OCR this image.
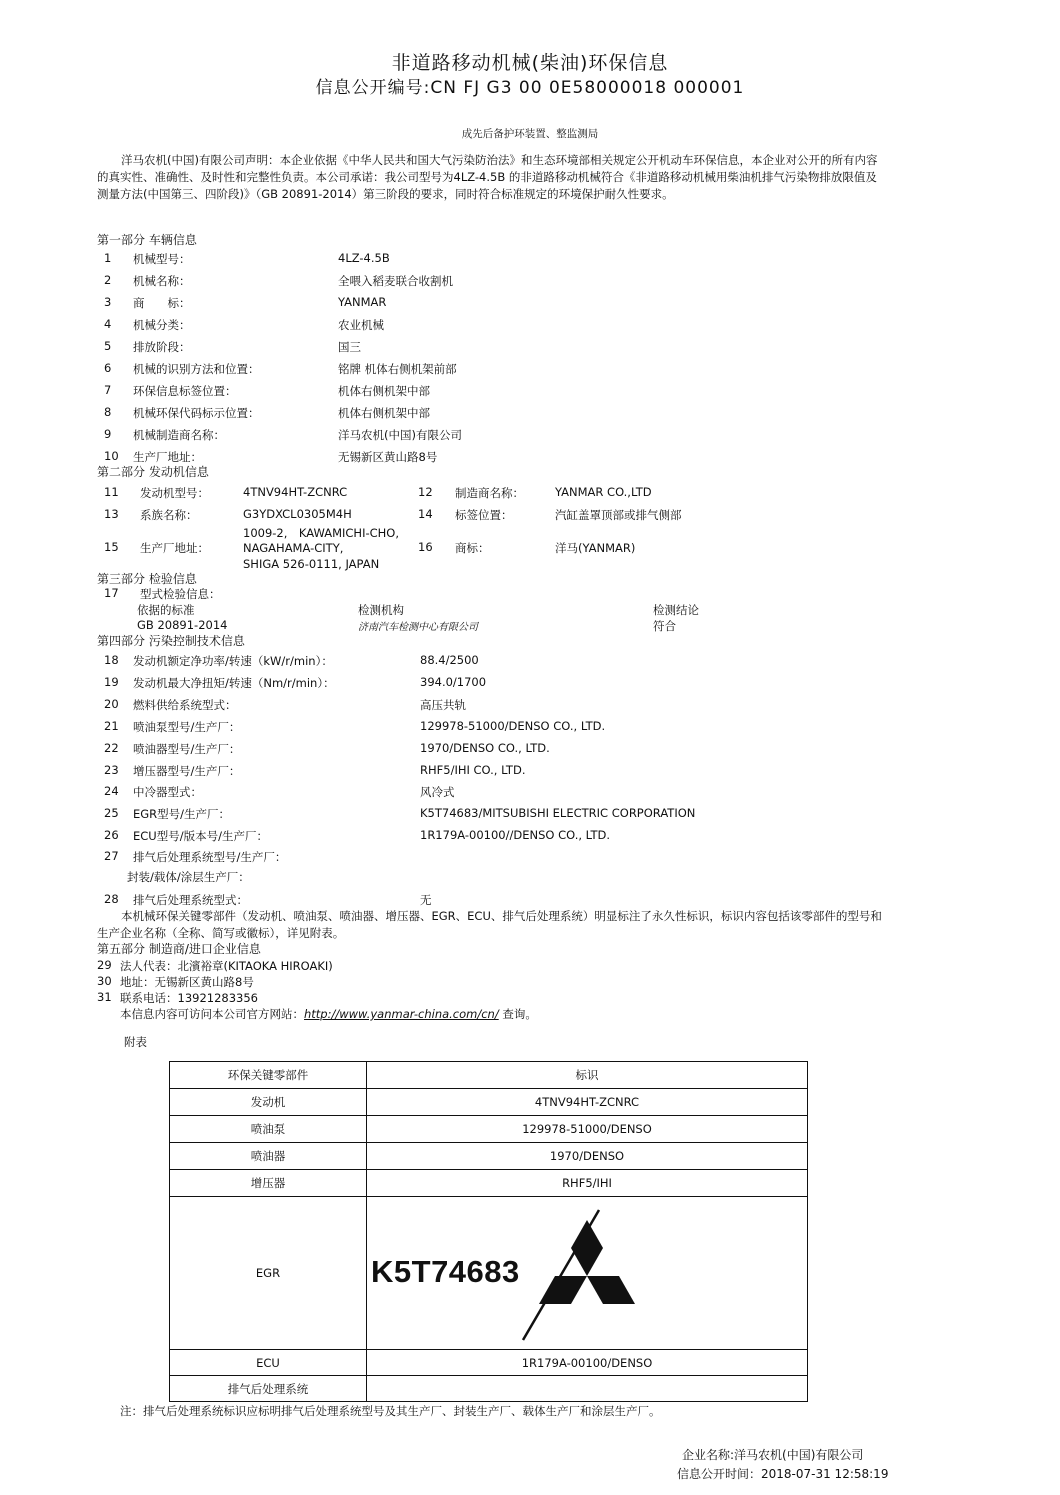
非道路移动机械(柴油)环保信息
信息公开编号:CN FJ G3 00 0E58000018 000001
成先后备护环装置、整监测局
洋马农机(中国)有限公司声明：本企业依据《中华人民共和国大气污染防治法》和生态环境部相关规定公开机动车环保信息，本企业对公开的所有内容的真实性、准确性、及时性和完整性负责。本公司承诺：我公司型号为4LZ-4.5B 的非道路移动机械符合《非道路移动机械用柴油机排气污染物排放限值及测量方法(中国第三、四阶段)》（GB 20891-2014）第三阶段的要求，同时符合标准规定的环境保护耐久性要求。
第一部分 车辆信息
1 机械型号：	4LZ-4.5B
2 机械名称：	全喂入稻麦联合收割机
3 商　　标：	YANMAR
4 机械分类：	农业机械
5 排放阶段：	国三
6 机械的识别方法和位置：	铭牌 机体右侧机架前部
7 环保信息标签位置：	机体右侧机架中部
8 机械环保代码标示位置：	机体右侧机架中部
9 机械制造商名称：	洋马农机(中国)有限公司
10 生产厂地址：	无锡新区黄山路8号
第二部分 发动机信息
11 发动机型号：	4TNV94HT-ZCNRC	12 制造商名称：	YANMAR CO.,LTD
13 系族名称：	G3YDXCL0305M4H	14 标签位置：	汽缸盖罩顶部或排气侧部
15 生产厂地址：
1009-2,　KAWAMICHI-CHO,
NAGAHAMA-CITY,
SHIGA 526-0111, JAPAN
16 商标：	洋马(YANMAR)
第三部分 检验信息
17 型式检验信息：
依据的标准	检测机构	检测结论
GB 20891-2014	济南汽车检测中心有限公司	符合
第四部分 污染控制技术信息
18 发动机额定净功率/转速（kW/r/min）：	88.4/2500
19 发动机最大净扭矩/转速（Nm/r/min）：	394.0/1700
20 燃料供给系统型式：	高压共轨
21 喷油泵型号/生产厂：	129978-51000/DENSO CO., LTD.
22 喷油器型号/生产厂：	1970/DENSO CO., LTD.
23 增压器型号/生产厂：	RHF5/IHI CO., LTD.
24 中冷器型式：	风冷式
25 EGR型号/生产厂：	K5T74683/MITSUBISHI ELECTRIC CORPORATION
26 ECU型号/版本号/生产厂：	1R179A-00100//DENSO CO., LTD.
27 排气后处理系统型号/生产厂：
封装/载体/涂层生产厂：
28 排气后处理系统型式：	无
本机械环保关键零部件（发动机、喷油泵、喷油器、增压器、EGR、ECU、排气后处理系统）明显标注了永久性标识，标识内容包括该零部件的型号和生产企业名称（全称、简写或徽标），详见附表。
第五部分 制造商/进口企业信息
29 法人代表：北濱裕章(KITAOKA HIROAKI)
30 地址：无锡新区黄山路8号
31 联系电话：13921283356
本信息内容可访问本公司官方网站：http://www.yanmar-china.com/cn/ 查询。
附表
环保关键零部件	标识
发动机	4TNV94HT-ZCNRC
喷油泵	129978-51000/DENSO
喷油器	1970/DENSO
增压器	RHF5/IHI
EGR	K5T74683

ECU	1R179A-00100/DENSO
排气后处理系统	
注：排气后处理系统标识应标明排气后处理系统型号及其生产厂、封装生产厂、载体生产厂和涂层生产厂。
企业名称:洋马农机(中国)有限公司
信息公开时间：2018-07-31 12:58:19
